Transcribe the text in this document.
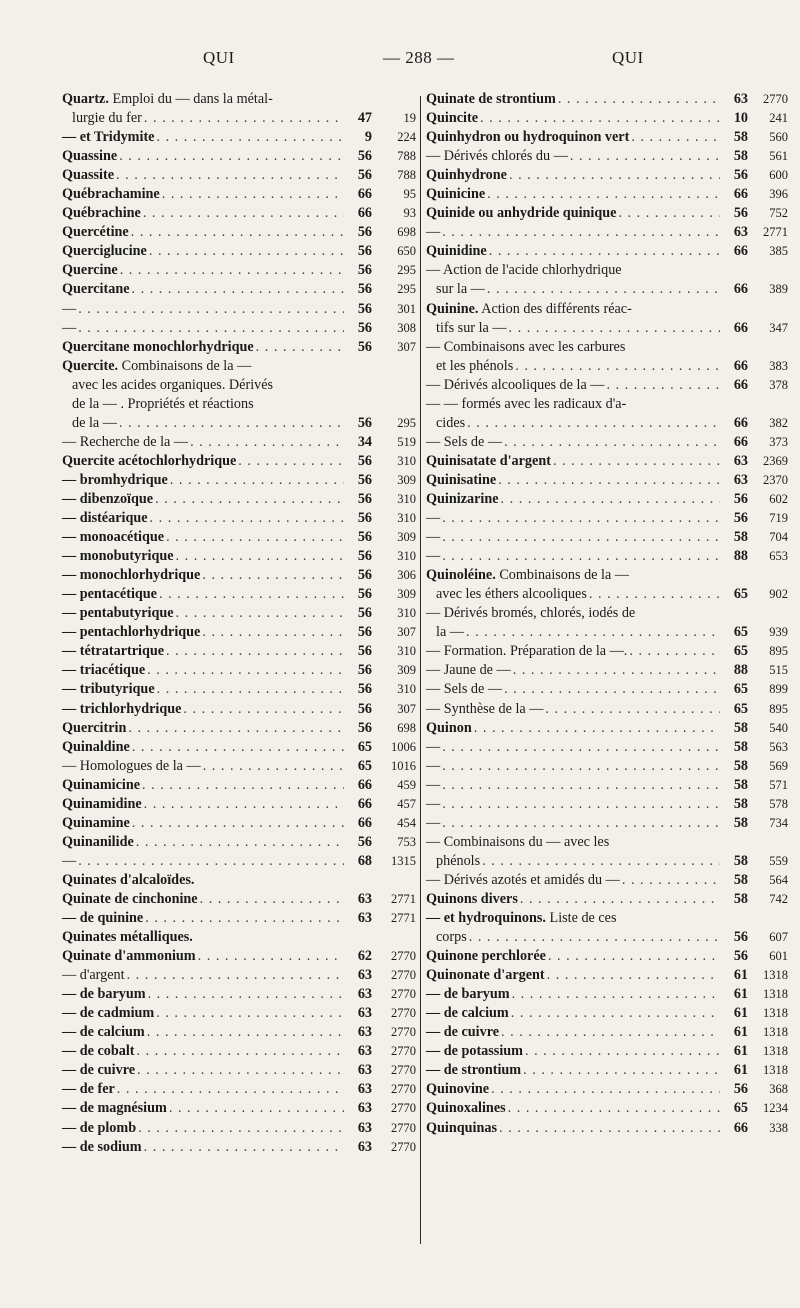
QUI	— 288 —	QUI
Quartz. Emploi du — dans la métal-
lurgie du fer . . .	47	19
— et Tridymite . . .	9	224
Quassine . . .	56	788
Quassite . . .	56	788
Québrachamine . . .	66	95
Québrachine . . .	66	93
Quercétine . . .	56	698
Querciglucine . . .	56	650
Quercine . . .	56	295
Quercitane . . .	56	295
— . . .	56	301
— . . .	56	308
Quercitane monochlorhydrique . . .	56	307
Quercite. Combinaisons de la —
avec les acides organiques. Dérivés
de la — . Propriétés et réactions
de la — . . .	56	295
— Recherche de la — . . .	34	519
Quercite acétochlorhydrique . . .	56	310
— bromhydrique . . .	56	309
— dibenzoïque . . .	56	310
— distéarique . . .	56	310
— monoacétique . . .	56	309
— monobutyrique . . .	56	310
— monochlorhydrique . . .	56	306
— pentacétique . . .	56	309
— pentabutyrique . . .	56	310
— pentachlorhydrique . . .	56	307
— tétratartrique . . .	56	310
— triacétique . . .	56	309
— tributyrique . . .	56	310
— trichlorhydrique . . .	56	307
Quercitrin . . .	56	698
Quinaldine . . .	65	1006
— Homologues de la — . . .	65	1016
Quinamicine . . .	66	459
Quinamidine . . .	66	457
Quinamine . . .	66	454
Quinanilide . . .	56	753
— . . .	68	1315
Quinates d'alcaloïdes.
Quinate de cinchonine . . .	63	2771
— de quinine . . .	63	2771
Quinates métalliques.
Quinate d'ammonium . . .	62	2770
— d'argent . . .	63	2770
— de baryum . . .	63	2770
— de cadmium . . .	63	2770
— de calcium . . .	63	2770
— de cobalt . . .	63	2770
— de cuivre . . .	63	2770
— de fer . . .	63	2770
— de magnésium . . .	63	2770
— de plomb . . .	63	2770
— de sodium . . .	63	2770
Quinate de strontium . . .	63	2770
Quincite . . .	10	241
Quinhydron ou hydroquinon vert . . .	58	560
— Dérivés chlorés du — . . .	58	561
Quinhydrone . . .	56	600
Quinicine . . .	66	396
Quinide ou anhydride quinique . . .	56	752
— . . .	63	2771
Quinidine . . .	66	385
— Action de l'acide chlorhydrique
sur la — . . .	66	389
Quinine. Action des différents réac-
tifs sur la — . . .	66	347
— Combinaisons avec les carbures
et les phénols . . .	66	383
— Dérivés alcooliques de la — . . .	66	378
— — formés avec les radicaux d'a-
cides . . .	66	382
— Sels de — . . .	66	373
Quinisatate d'argent . . .	63	2369
Quinisatine . . .	63	2370
Quinizarine . . .	56	602
— . . .	56	719
— . . .	58	704
— . . .	88	653
Quinoléine. Combinaisons de la —
avec les éthers alcooliques . . .	65	902
— Dérivés bromés, chlorés, iodés de
la — . . .	65	939
— Formation. Préparation de la —. . . .	65	895
— Jaune de — . . .	88	515
— Sels de — . . .	65	899
— Synthèse de la — . . .	65	895
Quinon . . .	58	540
— . . .	58	563
— . . .	58	569
— . . .	58	571
— . . .	58	578
— . . .	58	734
— Combinaisons du — avec les
phénols . . .	58	559
— Dérivés azotés et amidés du — . . .	58	564
Quinons divers . . .	58	742
— et hydroquinons. Liste de ces
corps . . .	56	607
Quinone perchlorée . . .	56	601
Quinonate d'argent . . .	61	1318
— de baryum . . .	61	1318
— de calcium . . .	61	1318
— de cuivre . . .	61	1318
— de potassium . . .	61	1318
— de strontium . . .	61	1318
Quinovine . . .	56	368
Quinoxalines . . .	65	1234
Quinquinas . . .	66	338
